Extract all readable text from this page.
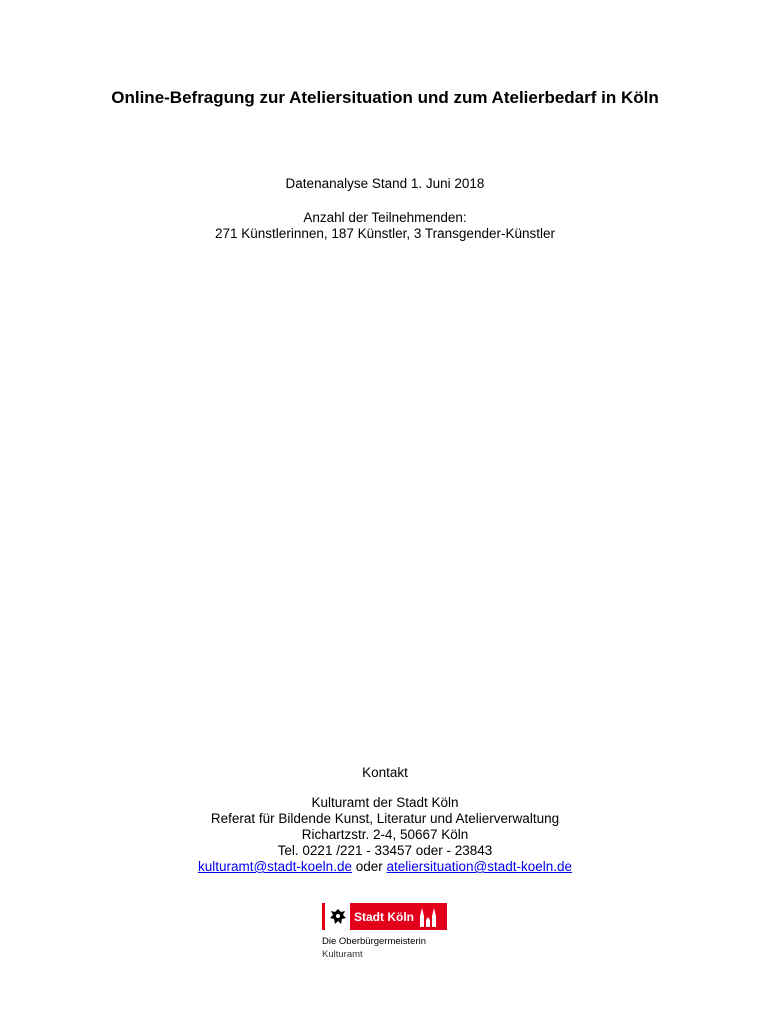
Online-Befragung zur Ateliersituation und zum Atelierbedarf in Köln
Datenanalyse Stand 1. Juni 2018
Anzahl der Teilnehmenden:
271 Künstlerinnen, 187 Künstler, 3 Transgender-Künstler
Kontakt
Kulturamt der Stadt Köln
Referat für Bildende Kunst, Literatur und Atelierverwaltung
Richartzstr. 2-4, 50667 Köln
Tel. 0221 /221 - 33457 oder - 23843
kulturamt@stadt-koeln.de oder ateliersituation@stadt-koeln.de
Stadt Köln
Die Oberbürgermeisterin
Kulturamt
